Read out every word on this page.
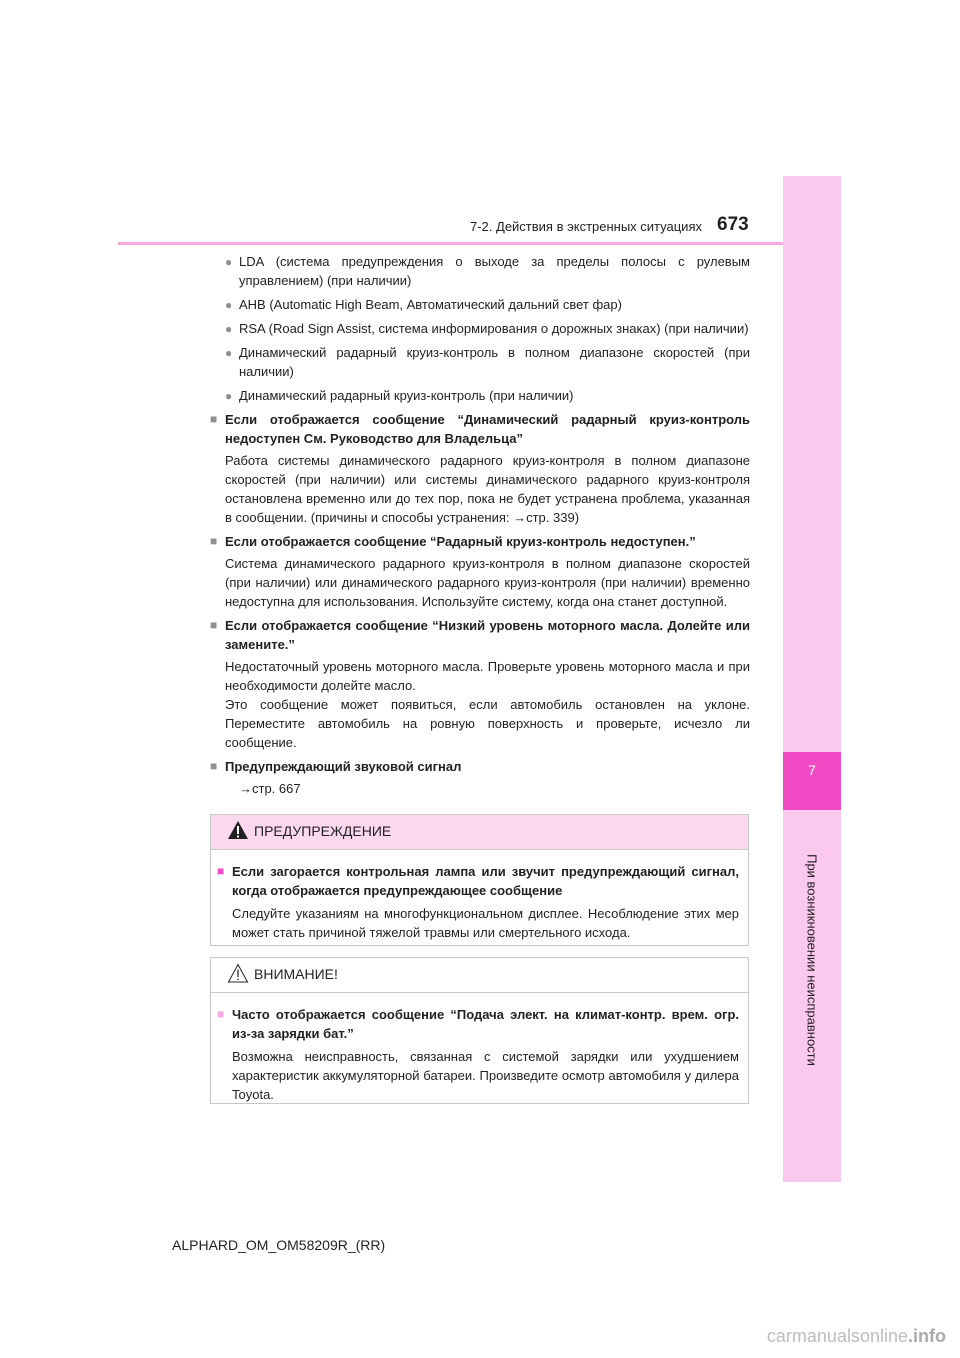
7
При возникновении неисправности
7-2. Действия в экстренных ситуациях 673
● LDA (система предупреждения о выходе за пределы полосы с рулевым управлением) (при наличии)
● AHB (Automatic High Beam, Автоматический дальний свет фар)
● RSA (Road Sign Assist, система информирования о дорожных знаках) (при наличии)
● Динамический радарный круиз-контроль в полном диапазоне скоростей (при наличии)
● Динамический радарный круиз-контроль (при наличии)
■ Если отображается сообщение “Динамический радарный круиз-контроль недоступен См. Руководство для Владельца”
Работа системы динамического радарного круиз-контроля в полном диапазоне скоростей (при наличии) или системы динамического радарного круиз-контроля остановлена временно или до тех пор, пока не будет устранена проблема, указанная в сообщении. (причины и способы устранения: →стр. 339)
■ Если отображается сообщение “Радарный круиз-контроль недоступен.”
Система динамического радарного круиз-контроля в полном диапазоне скоростей (при наличии) или динамического радарного круиз-контроля (при наличии) временно недоступна для использования. Используйте систему, когда она станет доступной.
■ Если отображается сообщение “Низкий уровень моторного масла. Долейте или замените.”
Недостаточный уровень моторного масла. Проверьте уровень моторного масла и при необходимости долейте масло.
Это сообщение может появиться, если автомобиль остановлен на уклоне. Переместите автомобиль на ровную поверхность и проверьте, исчезло ли сообщение.
■ Предупреждающий звуковой сигнал
→стр. 667
ПРЕДУПРЕЖДЕНИЕ
■ Если загорается контрольная лампа или звучит предупреждающий сигнал, когда отображается предупреждающее сообщение
Следуйте указаниям на многофункциональном дисплее. Несоблюдение этих мер может стать причиной тяжелой травмы или смертельного исхода.
ВНИМАНИЕ!
■ Часто отображается сообщение “Подача элект. на климат-контр. врем. огр. из-за зарядки бат.”
Возможна неисправность, связанная с системой зарядки или ухудшением характеристик аккумуляторной батареи. Произведите осмотр автомобиля у дилера Toyota.
ALPHARD_OM_OM58209R_(RR)
carmanualsonline.info
